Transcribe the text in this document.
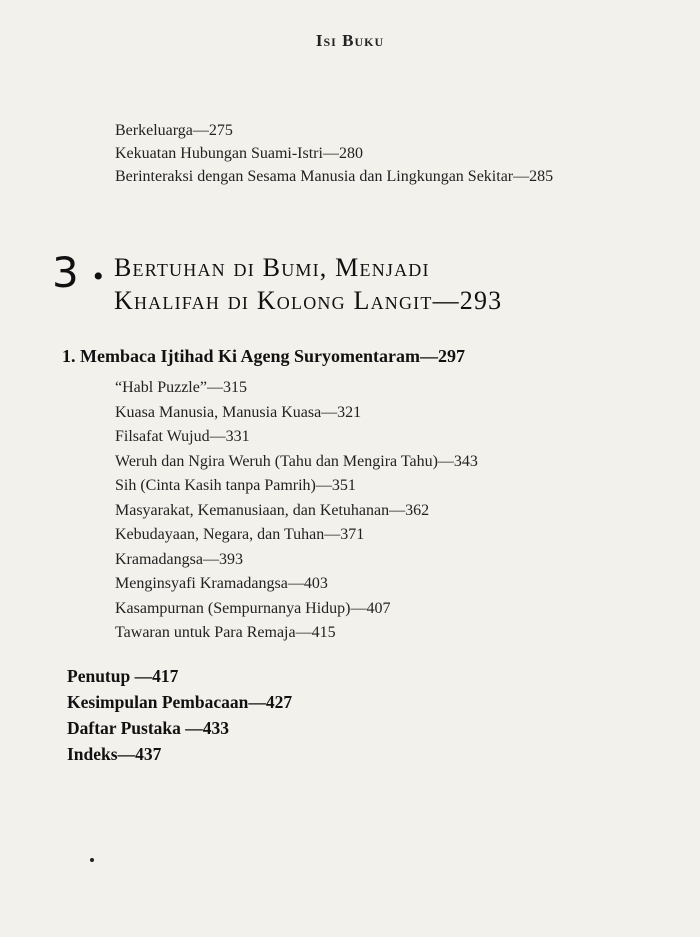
Isi Buku
Berkeluarga—275
Kekuatan Hubungan Suami-Istri—280
Berinteraksi dengan Sesama Manusia dan Lingkungan Sekitar—285
3 • Bertuhan di Bumi, Menjadi
Khalifah di Kolong Langit—293
1. Membaca Ijtihad Ki Ageng Suryomentaram—297
“Habl Puzzle”—315
Kuasa Manusia, Manusia Kuasa—321
Filsafat Wujud—331
Weruh dan Ngira Weruh (Tahu dan Mengira Tahu)—343
Sih (Cinta Kasih tanpa Pamrih)—351
Masyarakat, Kemanusiaan, dan Ketuhanan—362
Kebudayaan, Negara, dan Tuhan—371
Kramadangsa—393
Menginsyafi Kramadangsa—403
Kasampurnan (Sempurnanya Hidup)—407
Tawaran untuk Para Remaja—415
Penutup —417
Kesimpulan Pembacaan—427
Daftar Pustaka —433
Indeks—437
